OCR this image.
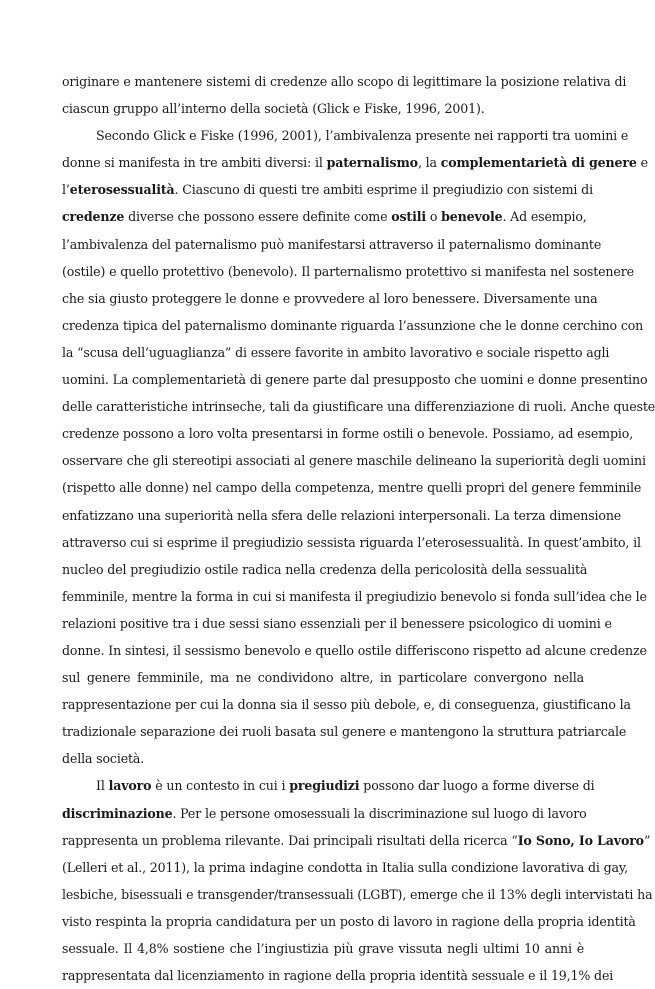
originare e mantenere sistemi di credenze allo scopo di legittimare la posizione relativa di
ciascun gruppo all’interno della società (Glick e Fiske, 1996, 2001).
Secondo Glick e Fiske (1996, 2001), l’ambivalenza presente nei rapporti tra uomini e
donne si manifesta in tre ambiti diversi: il paternalismo, la complementarietà di genere e
l’eterosessualità. Ciascuno di questi tre ambiti esprime il pregiudizio con sistemi di
credenze diverse che possono essere definite come ostili o benevole. Ad esempio,
l’ambivalenza del paternalismo può manifestarsi attraverso il paternalismo dominante
(ostile) e quello protettivo (benevolo). Il parternalismo protettivo si manifesta nel sostenere
che sia giusto proteggere le donne e provvedere al loro benessere. Diversamente una
credenza tipica del paternalismo dominante riguarda l’assunzione che le donne cerchino con
la “scusa dell’uguaglianza” di essere favorite in ambito lavorativo e sociale rispetto agli
uomini. La complementarietà di genere parte dal presupposto che uomini e donne presentino
delle caratteristiche intrinseche, tali da giustificare una differenziazione di ruoli. Anche queste
credenze possono a loro volta presentarsi in forme ostili o benevole. Possiamo, ad esempio,
osservare che gli stereotipi associati al genere maschile delineano la superiorità degli uomini
(rispetto alle donne) nel campo della competenza, mentre quelli propri del genere femminile
enfatizzano una superiorità nella sfera delle relazioni interpersonali. La terza dimensione
attraverso cui si esprime il pregiudizio sessista riguarda l’eterosessualità. In quest’ambito, il
nucleo del pregiudizio ostile radica nella credenza della pericolosità della sessualità
femminile, mentre la forma in cui si manifesta il pregiudizio benevolo si fonda sull’idea che le
relazioni positive tra i due sessi siano essenziali per il benessere psicologico di uomini e
donne. In sintesi, il sessismo benevolo e quello ostile differiscono rispetto ad alcune credenze
sul genere femminile, ma ne condividono altre, in particolare convergono nella
rappresentazione per cui la donna sia il sesso più debole, e, di conseguenza, giustificano la
tradizionale separazione dei ruoli basata sul genere e mantengono la struttura patriarcale
della società.
Il lavoro è un contesto in cui i pregiudizi possono dar luogo a forme diverse di
discriminazione. Per le persone omosessuali la discriminazione sul luogo di lavoro
rappresenta un problema rilevante. Dai principali risultati della ricerca “Io Sono, Io Lavoro”
(Lelleri et al., 2011), la prima indagine condotta in Italia sulla condizione lavorativa di gay,
lesbiche, bisessuali e transgender/transessuali (LGBT), emerge che il 13% degli intervistati ha
visto respinta la propria candidatura per un posto di lavoro in ragione della propria identità
sessuale. Il 4,8% sostiene che l’ingiustizia più grave vissuta negli ultimi 10 anni è
rappresentata dal licenziamento in ragione della propria identità sessuale e il 19,1% dei
